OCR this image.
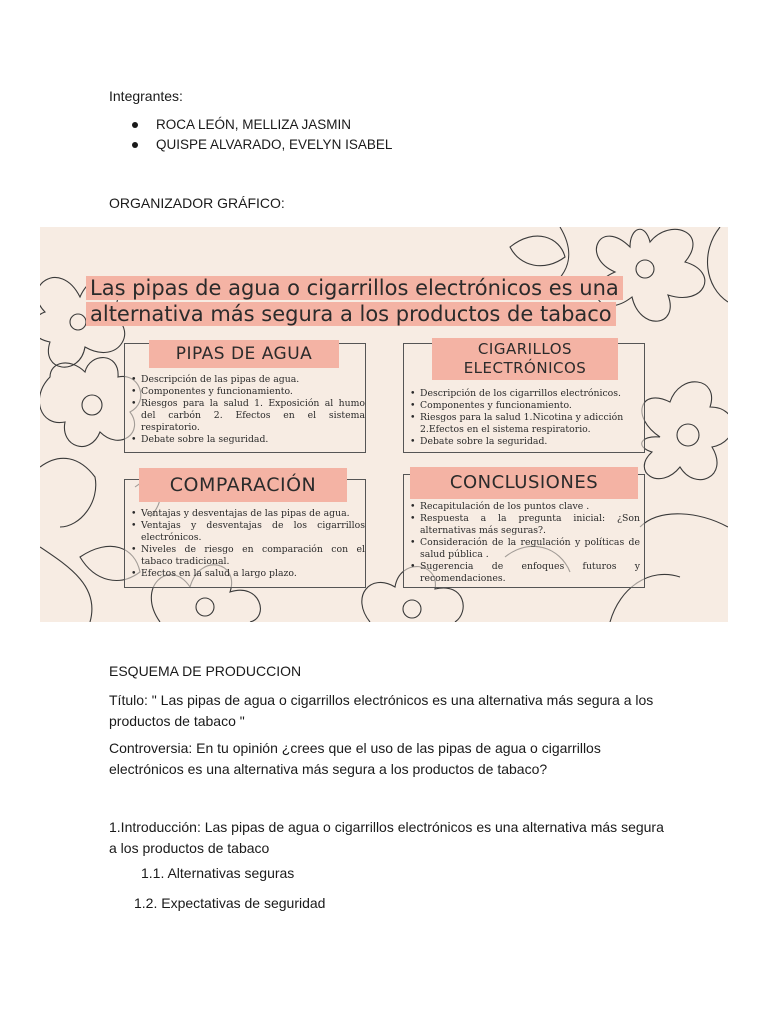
Integrantes:
ROCA LEÓN, MELLIZA JASMIN
QUISPE ALVARADO, EVELYN ISABEL
ORGANIZADOR GRÁFICO:
Las pipas de agua o cigarrillos electrónicos es una
alternativa más segura a los productos de tabaco
PIPAS DE AGUA
• Descripción de las pipas de agua.
• Componentes y funcionamiento.
• Riesgos para la salud 1. Exposición al humo del carbón 2. Efectos en el sistema respiratorio.
• Debate sobre la seguridad.
CIGARILLOS
ELECTRÓNICOS
• Descripción de los cigarrillos electrónicos.
• Componentes y funcionamiento.
• Riesgos para la salud 1.Nicotina y adicción 2.Efectos en el sistema respiratorio.
• Debate sobre la seguridad.
COMPARACIÓN
• Ventajas y desventajas de las pipas de agua.
• Ventajas y desventajas de los cigarrillos electrónicos.
• Niveles de riesgo en comparación con el tabaco tradicional.
• Efectos en la salud a largo plazo.
CONCLUSIONES
• Recapitulación de los puntos clave .
• Respuesta a la pregunta inicial: ¿Son alternativas más seguras?.
• Consideración de la regulación y políticas de salud pública .
• Sugerencia de enfoques futuros y recomendaciones.
ESQUEMA DE PRODUCCION
Título: " Las pipas de agua o cigarrillos electrónicos es una alternativa más segura a los productos de tabaco "
Controversia: En tu opinión ¿crees que el uso de las pipas de agua o cigarrillos electrónicos es una alternativa más segura a los productos de tabaco?
1.Introducción: Las pipas de agua o cigarrillos electrónicos es una alternativa más segura a los productos de tabaco
1.1. Alternativas seguras
1.2. Expectativas de seguridad
